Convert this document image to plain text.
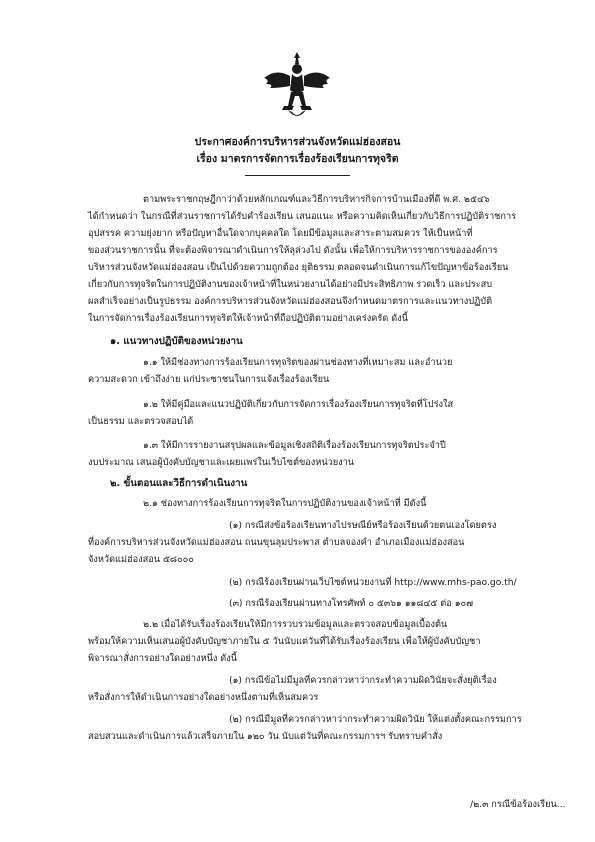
ประกาศองค์การบริหารส่วนจังหวัดแม่ฮ่องสอน
เรื่อง มาตรการจัดการเรื่องร้องเรียนการทุจริต
ตามพระราชกฤษฎีกาว่าด้วยหลักเกณฑ์และวิธีการบริหารกิจการบ้านเมืองที่ดี พ.ศ. ๒๕๔๖
ได้กำหนดว่า ในกรณีที่ส่วนราชการได้รับคำร้องเรียน เสนอแนะ หรือความคิดเห็นเกี่ยวกับวิธีการปฏิบัติราชการ
อุปสรรค ความยุ่งยาก หรือปัญหาอื่นใดจากบุคคลใด โดยมีข้อมูลและสาระตามสมควร ให้เป็นหน้าที่
ของส่วนราชการนั้น ที่จะต้องพิจารณาดำเนินการให้ลุล่วงไป ดังนั้น เพื่อให้การบริหารราชการขององค์การ
บริหารส่วนจังหวัดแม่ฮ่องสอน เป็นไปด้วยความถูกต้อง ยุติธรรม ตลอดจนดำเนินการแก้ไขปัญหาข้อร้องเรียน
เกี่ยวกับการทุจริตในการปฏิบัติงานของเจ้าหน้าที่ในหน่วยงานได้อย่างมีประสิทธิภาพ รวดเร็ว และประสบ
ผลสำเร็จอย่างเป็นรูปธรรม องค์การบริหารส่วนจังหวัดแม่ฮ่องสอนจึงกำหนดมาตรการและแนวทางปฏิบัติ
ในการจัดการเรื่องร้องเรียนการทุจริตให้เจ้าหน้าที่ถือปฏิบัติตามอย่างเคร่งครัด ดังนี้
๑. แนวทางปฏิบัติของหน่วยงาน
๑.๑ ให้มีช่องทางการร้องเรียนการทุจริตของผ่านช่องทางที่เหมาะสม และอำนวย
ความสะดวก เข้าถึงง่าย แก่ประชาชนในการแจ้งเรื่องร้องเรียน
๑.๒ ให้มีคู่มือและแนวปฏิบัติเกี่ยวกับการจัดการเรื่องร้องเรียนการทุจริตที่โปร่งใส
เป็นธรรม และตรวจสอบได้
๑.๓ ให้มีการรายงานสรุปผลและข้อมูลเชิงสถิติเรื่องร้องเรียนการทุจริตประจำปี
งบประมาณ เสนอผู้บังคับบัญชาและเผยแพร่ในเว็บไซต์ของหน่วยงาน
๒. ขั้นตอนและวิธีการดำเนินงาน
๒.๑ ช่องทางการร้องเรียนการทุจริตในการปฏิบัติงานของเจ้าหน้าที่ มีดังนี้
(๑) กรณีส่งข้อร้องเรียนทางไปรษณีย์หรือร้องเรียนด้วยตนเองโดยตรง
ที่องค์การบริหารส่วนจังหวัดแม่ฮ่องสอน ถนนขุนลุมประพาส ตำบลจองคำ อำเภอเมืองแม่ฮ่องสอน
จังหวัดแม่ฮ่องสอน ๕๘๐๐๐
(๒) กรณีร้องเรียนผ่านเว็บไซต์หน่วยงานที่ http://www.mhs-pao.go.th/
(๓) กรณีร้องเรียนผ่านทางโทรศัพท์ ๐ ๕๓๖๑ ๑๑๘๔๕ ต่อ ๑๐๗
๒.๒ เมื่อได้รับเรื่องร้องเรียนให้มีการรวบรวมข้อมูลและตรวจสอบข้อมูลเบื้องต้น
พร้อมให้ความเห็นเสนอผู้บังคับบัญชาภายใน ๕ วันนับแต่วันที่ได้รับเรื่องร้องเรียน เพื่อให้ผู้บังคับบัญชา
พิจารณาสั่งการอย่างใดอย่างหนึ่ง ดังนี้
(๑) กรณีข้อไม่มีมูลที่ควรกล่าวหาว่ากระทำความผิดวินัยจะสั่งยุติเรื่อง
หรือสั่งการให้ดำเนินการอย่างใดอย่างหนึ่งตามที่เห็นสมควร
(๒) กรณีมีมูลที่ควรกล่าวหาว่ากระทำความผิดวินัย ให้แต่งตั้งคณะกรรมการ
สอบสวนและดำเนินการแล้วเสร็จภายใน ๑๒๐ วัน นับแต่วันที่คณะกรรมการฯ รับทราบคำสั่ง
/๒.๓ กรณีข้อร้องเรียน...
